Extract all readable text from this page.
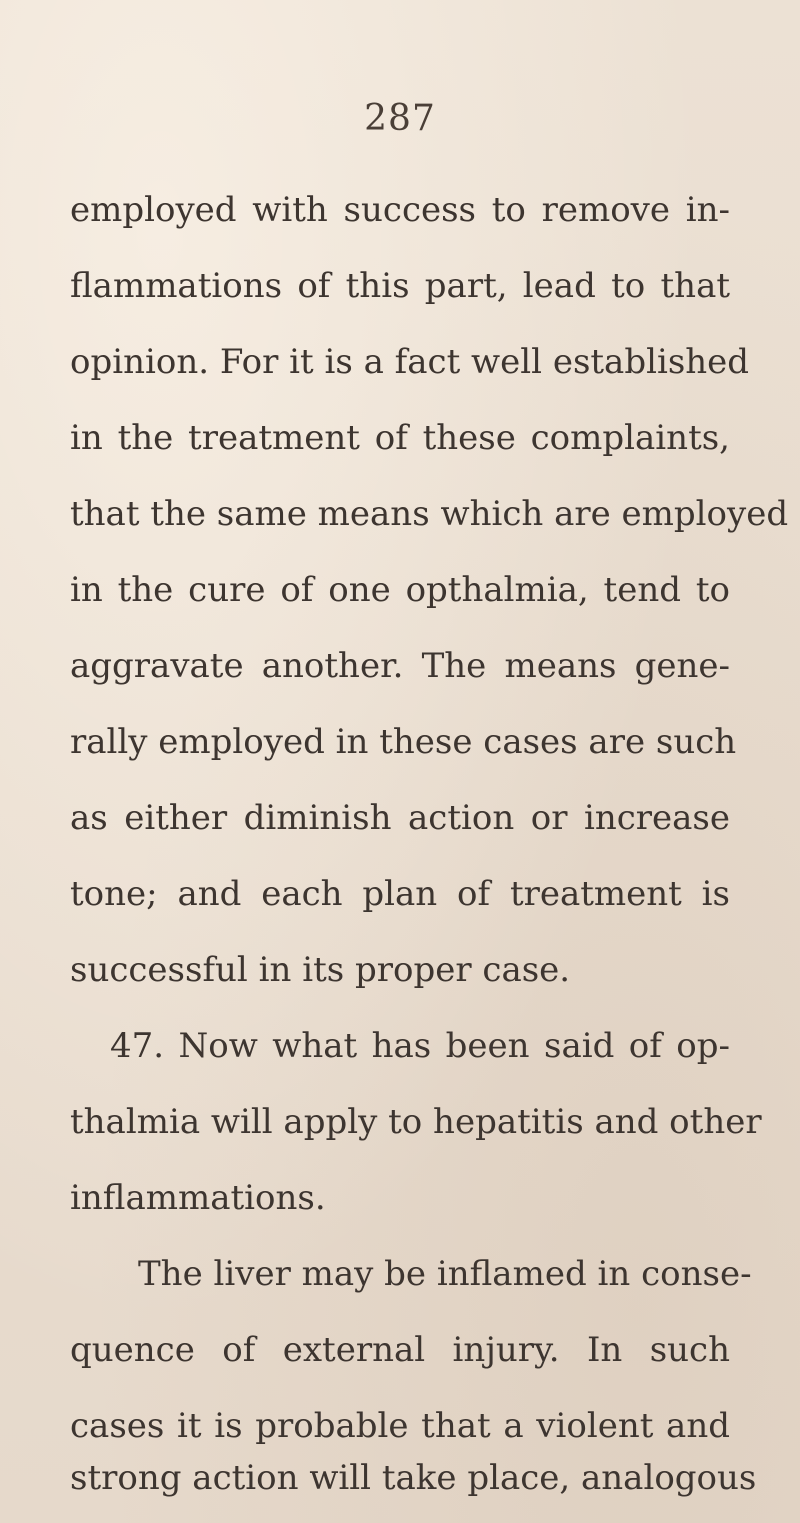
287
employed with success to remove in-
flammations of this part, lead to that
opinion. For it is a fact well established
in the treatment of these complaints,
that the same means which are employed
in the cure of one opthalmia, tend to
aggravate another. The means gene-
rally employed in these cases are such
as either diminish action or increase
tone; and each plan of treatment is
successful in its proper case.
47. Now what has been said of op-
thalmia will apply to hepatitis and other
inflammations.
The liver may be inflamed in conse-
quence of external injury. In such
cases it is probable that a violent and
strong action will take place, analogous
